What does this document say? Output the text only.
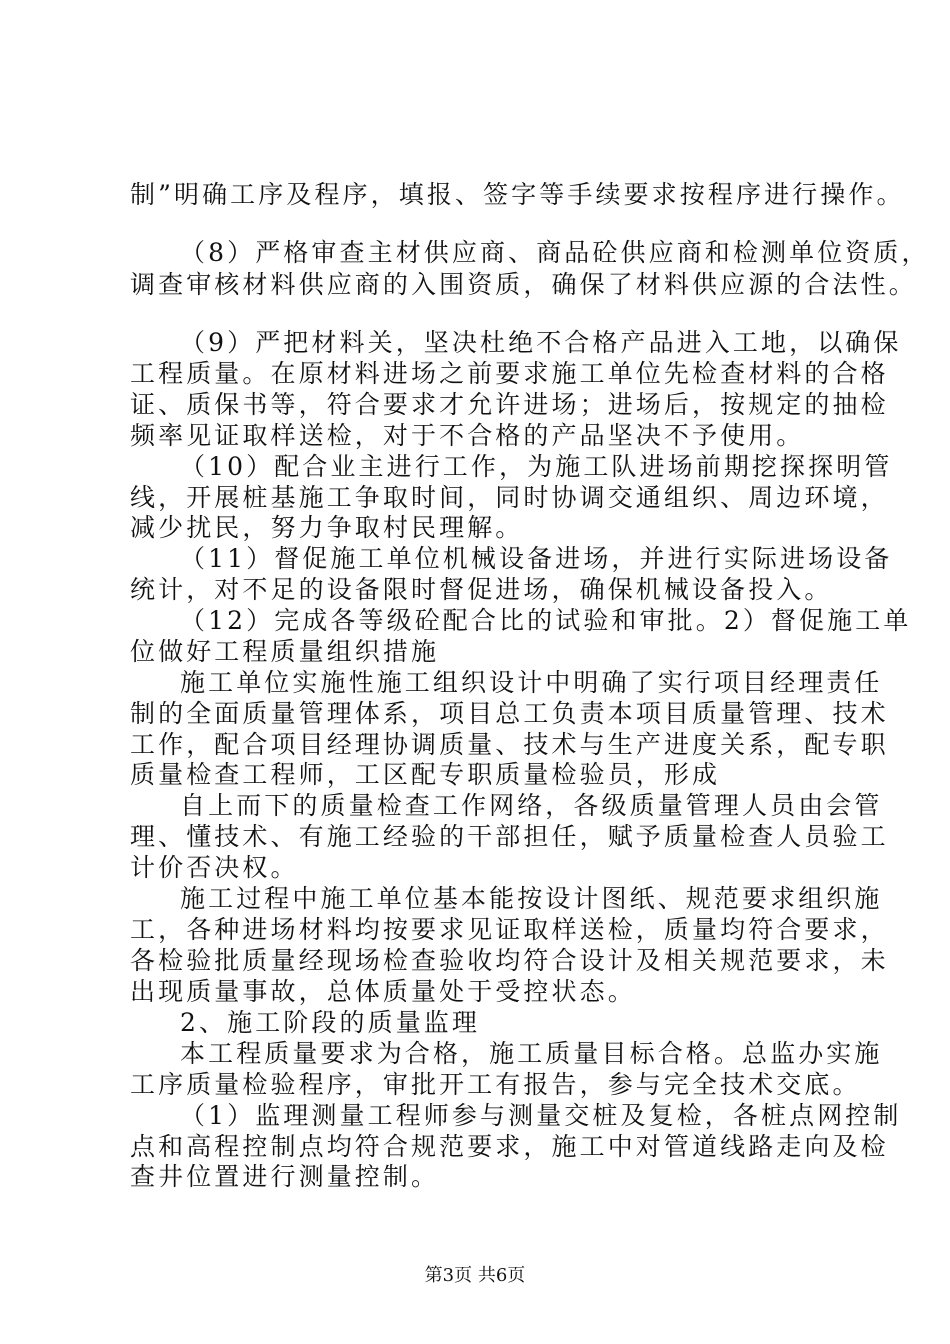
制”明确工序及程序，填报、签字等手续要求按程序进行操作。
（8）严格审查主材供应商、商品砼供应商和检测单位资质，
调查审核材料供应商的入围资质，确保了材料供应源的合法性。
（9）严把材料关，坚决杜绝不合格产品进入工地，以确保
工程质量。在原材料进场之前要求施工单位先检查材料的合格
证、质保书等，符合要求才允许进场；进场后，按规定的抽检
频率见证取样送检，对于不合格的产品坚决不予使用。
（10）配合业主进行工作，为施工队进场前期挖探探明管
线，开展桩基施工争取时间，同时协调交通组织、周边环境，
减少扰民，努力争取村民理解。
（11）督促施工单位机械设备进场，并进行实际进场设备
统计，对不足的设备限时督促进场，确保机械设备投入。
（12）完成各等级砼配合比的试验和审批。2）督促施工单
位做好工程质量组织措施
施工单位实施性施工组织设计中明确了实行项目经理责任
制的全面质量管理体系，项目总工负责本项目质量管理、技术
工作，配合项目经理协调质量、技术与生产进度关系，配专职
质量检查工程师，工区配专职质量检验员，形成
自上而下的质量检查工作网络，各级质量管理人员由会管
理、懂技术、有施工经验的干部担任，赋予质量检查人员验工
计价否决权。
施工过程中施工单位基本能按设计图纸、规范要求组织施
工，各种进场材料均按要求见证取样送检，质量均符合要求，
各检验批质量经现场检查验收均符合设计及相关规范要求，未
出现质量事故，总体质量处于受控状态。
2、施工阶段的质量监理
本工程质量要求为合格，施工质量目标合格。总监办实施
工序质量检验程序，审批开工有报告，参与完全技术交底。
（1）监理测量工程师参与测量交桩及复检，各桩点网控制
点和高程控制点均符合规范要求，施工中对管道线路走向及检
查井位置进行测量控制。
第3页 共6页
